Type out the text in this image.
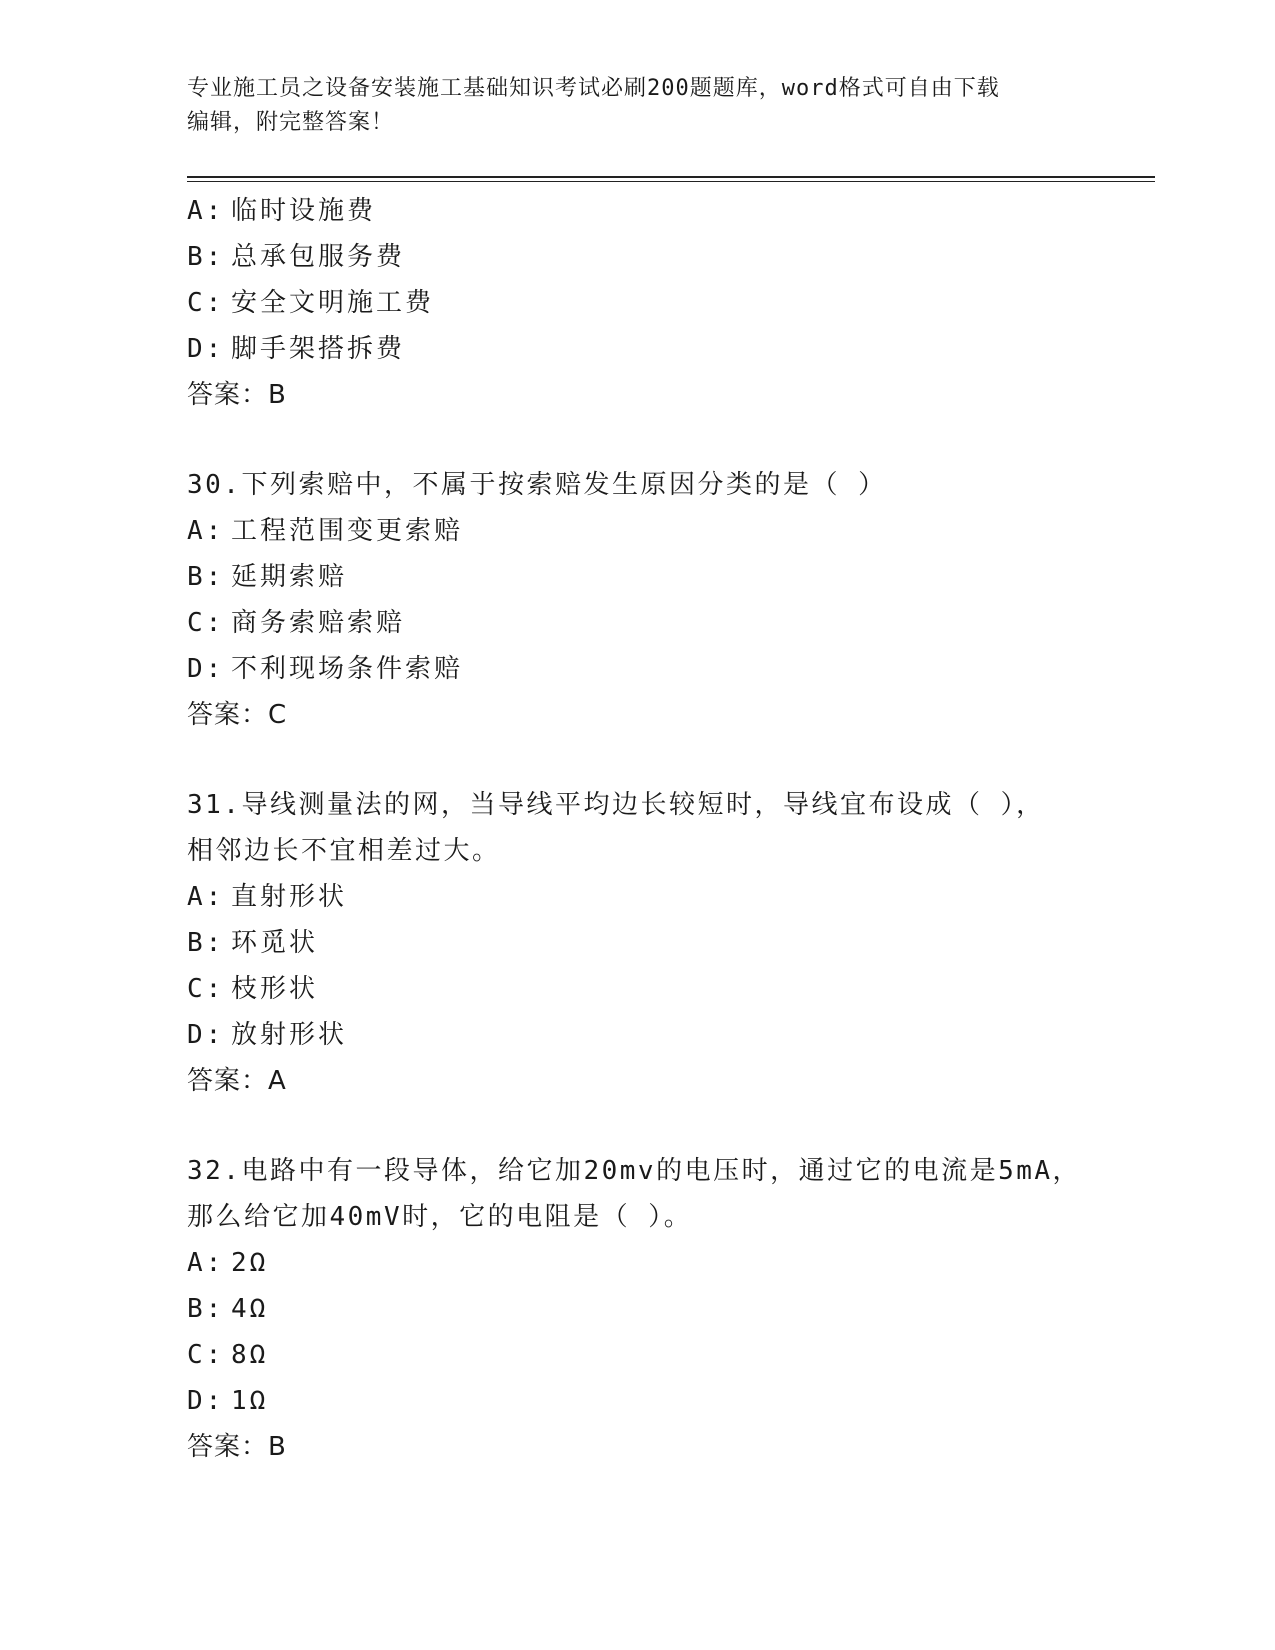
专业施工员之设备安装施工基础知识考试必刷200题题库，word格式可自由下载
编辑，附完整答案！
A: 临时设施费
B: 总承包服务费
C: 安全文明施工费
D: 脚手架搭拆费
答案：B
30.下列索赔中，不属于按索赔发生原因分类的是（ ）
A: 工程范围变更索赔
B: 延期索赔
C: 商务索赔索赔
D: 不利现场条件索赔
答案：C
31.导线测量法的网，当导线平均边长较短时，导线宜布设成（ ），
相邻边长不宜相差过大。
A: 直射形状
B: 环觅状
C: 枝形状
D: 放射形状
答案：A
32.电路中有一段导体，给它加20mv的电压时，通过它的电流是5mA，
那么给它加40mV时，它的电阻是（ ）。
A: 2Ω
B: 4Ω
C: 8Ω
D: 1Ω
答案：B
